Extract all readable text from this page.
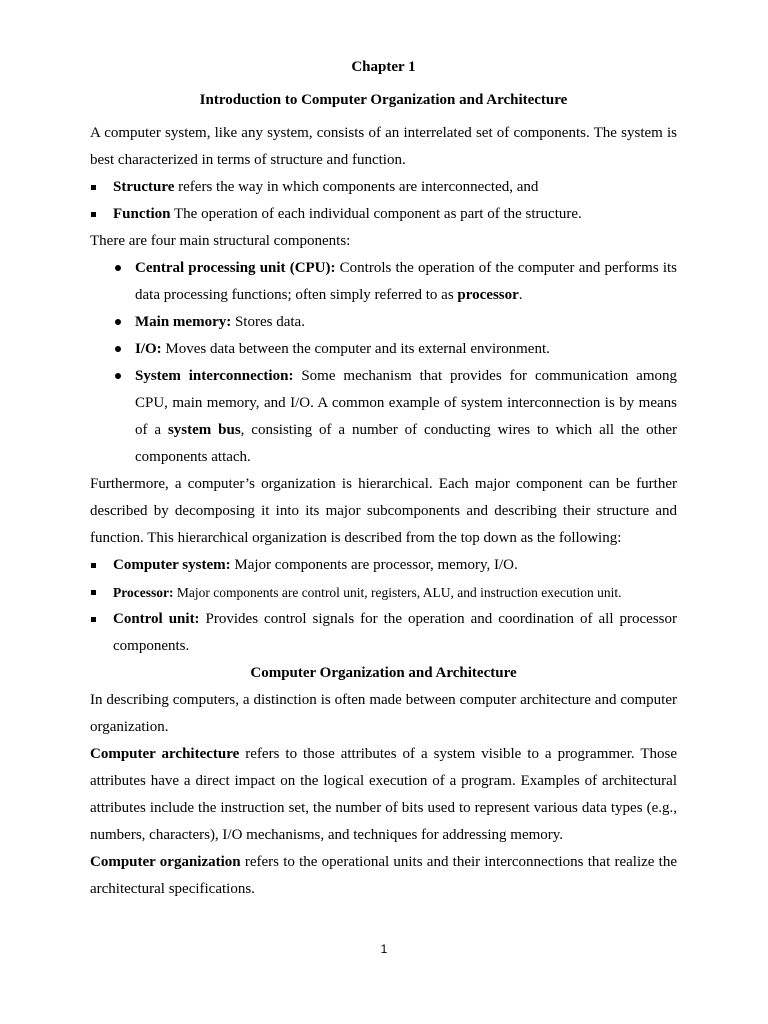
Chapter 1
Introduction to Computer Organization and Architecture

A computer system, like any system, consists of an interrelated set of components. The system is best characterized in terms of structure and function.

Structure refers the way in which components are interconnected, and
Function The operation of each individual component as part of the structure.

There are four main structural components:

Central processing unit (CPU): Controls the operation of the computer and performs its data processing functions; often simply referred to as processor.
Main memory: Stores data.
I/O: Moves data between the computer and its external environment.
System interconnection: Some mechanism that provides for communication among CPU, main memory, and I/O. A common example of system interconnection is by means of a system bus, consisting of a number of conducting wires to which all the other components attach.

Furthermore, a computer’s organization is hierarchical. Each major component can be further described by decomposing it into its major subcomponents and describing their structure and function. This hierarchical organization is described from the top down as the following:

Computer system: Major components are processor, memory, I/O.
Processor: Major components are control unit, registers, ALU, and instruction execution unit.
Control unit: Provides control signals for the operation and coordination of all processor components.
Computer Organization and Architecture

In describing computers, a distinction is often made between computer architecture and computer organization.

Computer architecture refers to those attributes of a system visible to a programmer. Those attributes have a direct impact on the logical execution of a program. Examples of architectural attributes include the instruction set, the number of bits used to represent various data types (e.g., numbers, characters), I/O mechanisms, and techniques for addressing memory.

Computer organization refers to the operational units and their interconnections that realize the architectural specifications.

1
